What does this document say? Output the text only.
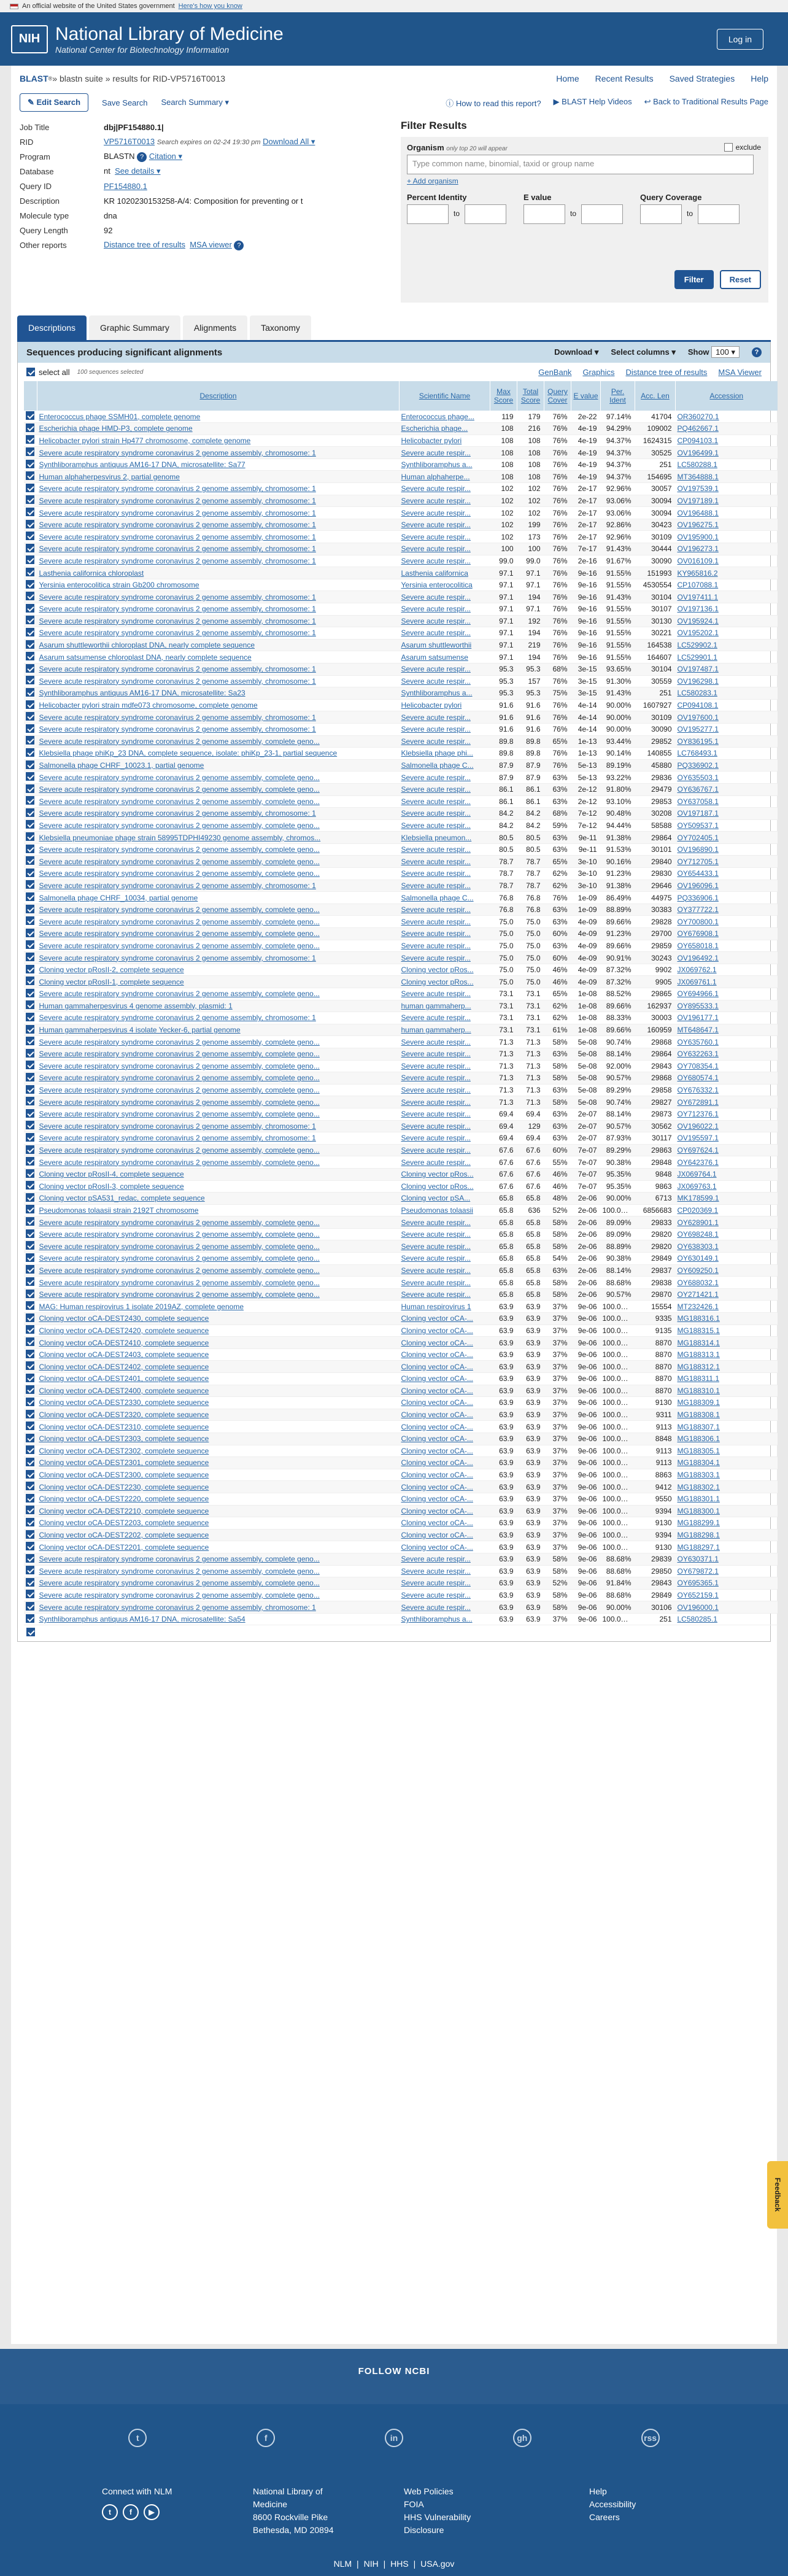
An official website of the United States government Here's how you know
NIH National Library of Medicine
National Center for Biotechnology Information
Log in
BLAST ® » blastn suite » results for RID-VP5716T0013	Home Recent Results Saved Strategies Help
✎ Edit Search	Save Search Search Summary ▾	ⓘ How to read this report? ▶ BLAST Help Videos ↩ Back to Traditional Results Page
Job Title	dbj|PF154880.1|
RID	VP5716T0013 Search expires on 02-24 19:30 pm Download All ▾
Program	BLASTN ? Citation ▾
Database	nt See details ▾
Query ID	PF154880.1
Description	KR 1020230153258-A/4: Composition for preventing or t
Molecule type	dna
Query Length	92
Other reports	Distance tree of results MSA viewer ?
Filter Results
Organism only top 20 will appear	exclude
Type common name, binomial, taxid or group name
+ Add organism
Percent Identity
to
E value
to
Query Coverage
to
Filter	Reset
Descriptions	Graphic Summary	Alignments	Taxonomy
Sequences producing significant alignments	Download ▾ Select columns ▾ Show 100 ▾	?
select all 100 sequences selected	GenBank Graphics Distance tree of results MSA Viewer
	Description	Scientific Name	Max Score	Total Score	Query Cover	E value	Per. Ident	Acc. Len	Accession
	Enterococcus phage SSMH01, complete genome	Enterococcus phage...	119	179	76%	2e-22	97.14%	41704	OR360270.1
	Escherichia phage HMD-P3, complete genome	Escherichia phage...	108	216	76%	4e-19	94.29%	109002	PQ462667.1
	Helicobacter pylori strain Hp477 chromosome, complete genome	Helicobacter pylori	108	108	76%	4e-19	94.37%	1624315	CP094103.1
	Severe acute respiratory syndrome coronavirus 2 genome assembly, chromosome: 1	Severe acute respir...	108	108	76%	4e-19	94.37%	30525	OV196499.1
	Synthliboramphus antiquus AM16-17 DNA, microsatellite: Sa77	Synthliboramphus a...	108	108	76%	4e-19	94.37%	251	LC580288.1
	Human alphaherpesvirus 2, partial genome	Human alphaherpe...	108	108	76%	4e-19	94.37%	154695	MT364888.1
	Severe acute respiratory syndrome coronavirus 2 genome assembly, chromosome: 1	Severe acute respir...	102	102	76%	2e-17	92.96%	30057	OV197539.1
	Severe acute respiratory syndrome coronavirus 2 genome assembly, chromosome: 1	Severe acute respir...	102	102	76%	2e-17	93.06%	30094	OV197189.1
	Severe acute respiratory syndrome coronavirus 2 genome assembly, chromosome: 1	Severe acute respir...	102	102	76%	2e-17	93.06%	30094	OV196488.1
	Severe acute respiratory syndrome coronavirus 2 genome assembly, chromosome: 1	Severe acute respir...	102	199	76%	2e-17	92.86%	30423	OV196275.1
	Severe acute respiratory syndrome coronavirus 2 genome assembly, chromosome: 1	Severe acute respir...	102	173	76%	2e-17	92.96%	30109	OV195900.1
	Severe acute respiratory syndrome coronavirus 2 genome assembly, chromosome: 1	Severe acute respir...	100	100	76%	7e-17	91.43%	30444	OV196273.1
	Severe acute respiratory syndrome coronavirus 2 genome assembly, chromosome: 1	Severe acute respir...	99.0	99.0	76%	2e-16	91.67%	30090	OV016109.1
	Lasthenia californica chloroplast	Lasthenia californica	97.1	97.1	76%	9e-16	91.55%	151993	KY965816.2
	Yersinia enterocolitica strain Gb200 chromosome	Yersinia enterocolitica	97.1	97.1	76%	9e-16	91.55%	4530554	CP107088.1
	Severe acute respiratory syndrome coronavirus 2 genome assembly, chromosome: 1	Severe acute respir...	97.1	194	76%	9e-16	91.43%	30104	OV197411.1
	Severe acute respiratory syndrome coronavirus 2 genome assembly, chromosome: 1	Severe acute respir...	97.1	97.1	76%	9e-16	91.55%	30107	OV197136.1
	Severe acute respiratory syndrome coronavirus 2 genome assembly, chromosome: 1	Severe acute respir...	97.1	192	76%	9e-16	91.55%	30130	OV195924.1
	Severe acute respiratory syndrome coronavirus 2 genome assembly, chromosome: 1	Severe acute respir...	97.1	194	76%	9e-16	91.55%	30221	OV195202.1
	Asarum shuttleworthii chloroplast DNA, nearly complete sequence	Asarum shuttleworthii	97.1	219	76%	9e-16	91.55%	164538	LC529902.1
	Asarum satsumense chloroplast DNA, nearly complete sequence	Asarum satsumense	97.1	194	76%	9e-16	91.55%	164607	LC529901.1
	Severe acute respiratory syndrome coronavirus 2 genome assembly, chromosome: 1	Severe acute respir...	95.3	95.3	68%	3e-15	93.65%	30104	OV197487.1
	Severe acute respiratory syndrome coronavirus 2 genome assembly, chromosome: 1	Severe acute respir...	95.3	157	76%	3e-15	91.30%	30559	OV196298.1
	Synthliboramphus antiquus AM16-17 DNA, microsatellite: Sa23	Synthliboramphus a...	95.3	95.3	75%	3e-15	91.43%	251	LC580283.1
	Helicobacter pylori strain mdfe073 chromosome, complete genome	Helicobacter pylori	91.6	91.6	76%	4e-14	90.00%	1607927	CP094108.1
	Severe acute respiratory syndrome coronavirus 2 genome assembly, chromosome: 1	Severe acute respir...	91.6	91.6	76%	4e-14	90.00%	30109	OV197600.1
	Severe acute respiratory syndrome coronavirus 2 genome assembly, chromosome: 1	Severe acute respir...	91.6	91.6	76%	4e-14	90.00%	30090	OV195277.1
	Severe acute respiratory syndrome coronavirus 2 genome assembly, complete geno...	Severe acute respir...	89.8	89.8	65%	1e-13	93.44%	29852	OY836195.1
	Klebsiella phage phiKp_23 DNA, complete sequence, isolate: phiKp_23-1, partial sequence	Klebsiella phage phi...	89.8	89.8	76%	1e-13	90.14%	140855	LC768493.1
	Salmonella phage CHRF_10023.1, partial genome	Salmonella phage C...	87.9	87.9	76%	5e-13	89.19%	45880	PQ336902.1
	Severe acute respiratory syndrome coronavirus 2 genome assembly, complete geno...	Severe acute respir...	87.9	87.9	63%	5e-13	93.22%	29836	OY635503.1
	Severe acute respiratory syndrome coronavirus 2 genome assembly, complete geno...	Severe acute respir...	86.1	86.1	63%	2e-12	91.80%	29479	OY636767.1
	Severe acute respiratory syndrome coronavirus 2 genome assembly, complete geno...	Severe acute respir...	86.1	86.1	63%	2e-12	93.10%	29853	OY637058.1
	Severe acute respiratory syndrome coronavirus 2 genome assembly, chromosome: 1	Severe acute respir...	84.2	84.2	68%	7e-12	90.48%	30208	OV197187.1
	Severe acute respiratory syndrome coronavirus 2 genome assembly, complete geno...	Severe acute respir...	84.2	84.2	59%	7e-12	94.44%	58588	OY509537.1
	Klebsiella pneumoniae phage strain 58995TDPHI49230 genome assembly, chromos...	Klebsiella pneumon...	80.5	80.5	63%	9e-11	91.38%	29864	OY702405.1
	Severe acute respiratory syndrome coronavirus 2 genome assembly, complete geno...	Severe acute respir...	80.5	80.5	63%	9e-11	91.53%	30101	OV196890.1
	Severe acute respiratory syndrome coronavirus 2 genome assembly, complete geno...	Severe acute respir...	78.7	78.7	65%	3e-10	90.16%	29840	OY712705.1
	Severe acute respiratory syndrome coronavirus 2 genome assembly, complete geno...	Severe acute respir...	78.7	78.7	62%	3e-10	91.23%	29830	OY654433.1
	Severe acute respiratory syndrome coronavirus 2 genome assembly, chromosome: 1	Severe acute respir...	78.7	78.7	62%	3e-10	91.38%	29646	OV196096.1
	Salmonella phage CHRF_10034, partial genome	Salmonella phage C...	76.8	76.8	76%	1e-09	86.49%	44975	PQ336906.1
	Severe acute respiratory syndrome coronavirus 2 genome assembly, complete geno...	Severe acute respir...	76.8	76.8	63%	1e-09	88.89%	30383	OY377722.1
	Severe acute respiratory syndrome coronavirus 2 genome assembly, complete geno...	Severe acute respir...	75.0	75.0	63%	4e-09	89.66%	29828	OY700800.1
	Severe acute respiratory syndrome coronavirus 2 genome assembly, complete geno...	Severe acute respir...	75.0	75.0	60%	4e-09	91.23%	29700	OY676908.1
	Severe acute respiratory syndrome coronavirus 2 genome assembly, complete geno...	Severe acute respir...	75.0	75.0	63%	4e-09	89.66%	29859	OY658018.1
	Severe acute respiratory syndrome coronavirus 2 genome assembly, chromosome: 1	Severe acute respir...	75.0	75.0	60%	4e-09	90.91%	30243	OV196492.1
	Cloning vector pRosII-2, complete sequence	Cloning vector pRos...	75.0	75.0	46%	4e-09	87.32%	9902	JX069762.1
	Cloning vector pRosII-1, complete sequence	Cloning vector pRos...	75.0	75.0	46%	4e-09	87.32%	9905	JX069761.1
	Severe acute respiratory syndrome coronavirus 2 genome assembly, complete geno...	Severe acute respir...	73.1	73.1	65%	1e-08	88.52%	29865	OY694966.1
	Human gammaherpesvirus 4 genome assembly, plasmid: 1	human gammaherp...	73.1	73.1	62%	1e-08	89.66%	162937	OY895533.1
	Severe acute respiratory syndrome coronavirus 2 genome assembly, chromosome: 1	Severe acute respir...	73.1	73.1	62%	1e-08	88.33%	30003	OV196177.1
	Human gammaherpesvirus 4 isolate Yecker-6, partial genome	human gammaherp...	73.1	73.1	61%	1e-08	89.66%	160959	MT648647.1
	Severe acute respiratory syndrome coronavirus 2 genome assembly, complete geno...	Severe acute respir...	71.3	71.3	58%	5e-08	90.74%	29868	OY635760.1
	Severe acute respiratory syndrome coronavirus 2 genome assembly, complete geno...	Severe acute respir...	71.3	71.3	63%	5e-08	88.14%	29864	OY632263.1
	Severe acute respiratory syndrome coronavirus 2 genome assembly, complete geno...	Severe acute respir...	71.3	71.3	58%	5e-08	92.00%	29843	OY708354.1
	Severe acute respiratory syndrome coronavirus 2 genome assembly, complete geno...	Severe acute respir...	71.3	71.3	58%	5e-08	90.57%	29868	OY680574.1
	Severe acute respiratory syndrome coronavirus 2 genome assembly, complete geno...	Severe acute respir...	71.3	71.3	63%	5e-08	89.29%	29858	OY676332.1
	Severe acute respiratory syndrome coronavirus 2 genome assembly, complete geno...	Severe acute respir...	71.3	71.3	58%	5e-08	90.74%	29827	OY672891.1
	Severe acute respiratory syndrome coronavirus 2 genome assembly, complete geno...	Severe acute respir...	69.4	69.4	63%	2e-07	88.14%	29873	OY712376.1
	Severe acute respiratory syndrome coronavirus 2 genome assembly, chromosome: 1	Severe acute respir...	69.4	129	63%	2e-07	90.57%	30562	OV196022.1
	Severe acute respiratory syndrome coronavirus 2 genome assembly, chromosome: 1	Severe acute respir...	69.4	69.4	63%	2e-07	87.93%	30117	OV195597.1
	Severe acute respiratory syndrome coronavirus 2 genome assembly, complete geno...	Severe acute respir...	67.6	67.6	60%	7e-07	89.29%	29863	OY697624.1
	Severe acute respiratory syndrome coronavirus 2 genome assembly, complete geno...	Severe acute respir...	67.6	67.6	55%	7e-07	90.38%	29848	OY642376.1
	Cloning vector pRosII-4, complete sequence	Cloning vector pRos...	67.6	67.6	46%	7e-07	95.35%	9848	JX069764.1
	Cloning vector pRosII-3, complete sequence	Cloning vector pRos...	67.6	67.6	46%	7e-07	95.35%	9863	JX069763.1
	Cloning vector pSA531_redac, complete sequence	Cloning vector pSA...	65.8	65.8	48%	2e-06	90.00%	6713	MK178599.1
	Pseudomonas tolaasii strain 2192T chromosome	Pseudomonas tolaasii	65.8	636	52%	2e-06	100.00%	6856683	CP020369.1
	Severe acute respiratory syndrome coronavirus 2 genome assembly, complete geno...	Severe acute respir...	65.8	65.8	58%	2e-06	89.09%	29833	OY628901.1
	Severe acute respiratory syndrome coronavirus 2 genome assembly, complete geno...	Severe acute respir...	65.8	65.8	58%	2e-06	89.09%	29820	OY698248.1
	Severe acute respiratory syndrome coronavirus 2 genome assembly, complete geno...	Severe acute respir...	65.8	65.8	58%	2e-06	88.89%	29820	OY638303.1
	Severe acute respiratory syndrome coronavirus 2 genome assembly, complete geno...	Severe acute respir...	65.8	65.8	54%	2e-06	90.38%	29849	OY630149.1
	Severe acute respiratory syndrome coronavirus 2 genome assembly, complete geno...	Severe acute respir...	65.8	65.8	63%	2e-06	88.14%	29837	OY609250.1
	Severe acute respiratory syndrome coronavirus 2 genome assembly, complete geno...	Severe acute respir...	65.8	65.8	58%	2e-06	88.68%	29838	OY688032.1
	Severe acute respiratory syndrome coronavirus 2 genome assembly, complete geno...	Severe acute respir...	65.8	65.8	58%	2e-06	90.57%	29870	OY271421.1
	MAG: Human respirovirus 1 isolate 2019AZ, complete genome	Human respirovirus 1	63.9	63.9	37%	9e-06	100.00%	15554	MT232426.1
	Cloning vector oCA-DEST2430, complete sequence	Cloning vector oCA-...	63.9	63.9	37%	9e-06	100.00%	9335	MG188316.1
	Cloning vector oCA-DEST2420, complete sequence	Cloning vector oCA-...	63.9	63.9	37%	9e-06	100.00%	9135	MG188315.1
	Cloning vector oCA-DEST2410, complete sequence	Cloning vector oCA-...	63.9	63.9	37%	9e-06	100.00%	8870	MG188314.1
	Cloning vector oCA-DEST2403, complete sequence	Cloning vector oCA-...	63.9	63.9	37%	9e-06	100.00%	8870	MG188313.1
	Cloning vector oCA-DEST2402, complete sequence	Cloning vector oCA-...	63.9	63.9	37%	9e-06	100.00%	8870	MG188312.1
	Cloning vector oCA-DEST2401, complete sequence	Cloning vector oCA-...	63.9	63.9	37%	9e-06	100.00%	8870	MG188311.1
	Cloning vector oCA-DEST2400, complete sequence	Cloning vector oCA-...	63.9	63.9	37%	9e-06	100.00%	8870	MG188310.1
	Cloning vector oCA-DEST2330, complete sequence	Cloning vector oCA-...	63.9	63.9	37%	9e-06	100.00%	9130	MG188309.1
	Cloning vector oCA-DEST2320, complete sequence	Cloning vector oCA-...	63.9	63.9	37%	9e-06	100.00%	9311	MG188308.1
	Cloning vector oCA-DEST2310, complete sequence	Cloning vector oCA-...	63.9	63.9	37%	9e-06	100.00%	9113	MG188307.1
	Cloning vector oCA-DEST2303, complete sequence	Cloning vector oCA-...	63.9	63.9	37%	9e-06	100.00%	8848	MG188306.1
	Cloning vector oCA-DEST2302, complete sequence	Cloning vector oCA-...	63.9	63.9	37%	9e-06	100.00%	9113	MG188305.1
	Cloning vector oCA-DEST2301, complete sequence	Cloning vector oCA-...	63.9	63.9	37%	9e-06	100.00%	9113	MG188304.1
	Cloning vector oCA-DEST2300, complete sequence	Cloning vector oCA-...	63.9	63.9	37%	9e-06	100.00%	8863	MG188303.1
	Cloning vector oCA-DEST2230, complete sequence	Cloning vector oCA-...	63.9	63.9	37%	9e-06	100.00%	9412	MG188302.1
	Cloning vector oCA-DEST2220, complete sequence	Cloning vector oCA-...	63.9	63.9	37%	9e-06	100.00%	9550	MG188301.1
	Cloning vector oCA-DEST2210, complete sequence	Cloning vector oCA-...	63.9	63.9	37%	9e-06	100.00%	9394	MG188300.1
	Cloning vector oCA-DEST2203, complete sequence	Cloning vector oCA-...	63.9	63.9	37%	9e-06	100.00%	9130	MG188299.1
	Cloning vector oCA-DEST2202, complete sequence	Cloning vector oCA-...	63.9	63.9	37%	9e-06	100.00%	9394	MG188298.1
	Cloning vector oCA-DEST2201, complete sequence	Cloning vector oCA-...	63.9	63.9	37%	9e-06	100.00%	9130	MG188297.1
	Severe acute respiratory syndrome coronavirus 2 genome assembly, complete geno...	Severe acute respir...	63.9	63.9	58%	9e-06	88.68%	29839	OY630371.1
	Severe acute respiratory syndrome coronavirus 2 genome assembly, complete geno...	Severe acute respir...	63.9	63.9	58%	9e-06	88.68%	29850	OY679872.1
	Severe acute respiratory syndrome coronavirus 2 genome assembly, complete geno...	Severe acute respir...	63.9	63.9	52%	9e-06	91.84%	29843	OY695365.1
	Severe acute respiratory syndrome coronavirus 2 genome assembly, complete geno...	Severe acute respir...	63.9	63.9	58%	9e-06	88.68%	29849	OY652159.1
	Severe acute respiratory syndrome coronavirus 2 genome assembly, chromosome: 1	Severe acute respir...	63.9	63.9	58%	9e-06	90.00%	30106	OV196000.1
	Synthliboramphus antiquus AM16-17 DNA, microsatellite: Sa54	Synthliboramphus a...	63.9	63.9	37%	9e-06	100.00%	251	LC580285.1
Feedback
FOLLOW NCBI
t	f	in	gh	rss
Connect with NLM
t	f	▶
National Library of
Medicine
8600 Rockville Pike
Bethesda, MD 20894
Web Policies
FOIA
HHS Vulnerability
Disclosure
Help
Accessibility
Careers
NLM | NIH | HHS | USA.gov
